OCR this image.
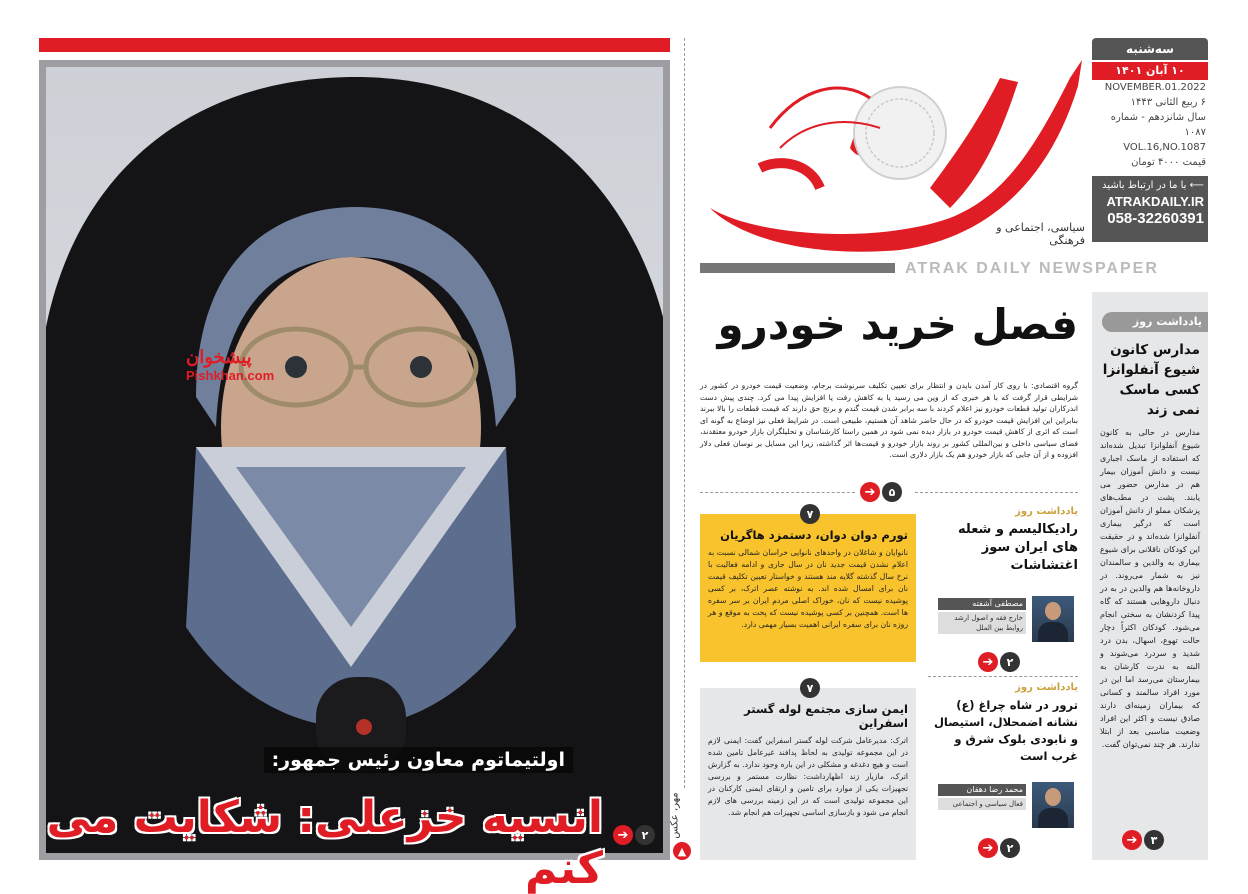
پیشخوان
Pishkhan.com
اولتیماتوم معاون رئیس جمهور:
انسیه خزعلی: شکایت می کنم
➔	۲	مهر، عکس
▲
سیاسی، اجتماعی و فرهنگی
سه‌شنبه
۱۰ آبان ۱۴۰۱
NOVEMBER.01.2022
۶ ربیع الثانی ۱۴۴۳
سال شانزدهم - شماره ۱۰۸۷
VOL.16,NO.1087
قیمت ۴۰۰۰ تومان
⟵ با ما در ارتباط باشید
ATRAKDAILY.IR
058-32260391
ATRAK DAILY NEWSPAPER
فصل خرید خودرو
گروه اقتصادی: با روی کار آمدن بایدن و انتظار برای تعیین تکلیف سرنوشت برجام، وضعیت قیمت خودرو در کشور در شرایطی قرار گرفت که با هر خبری که از وین می رسید یا به کاهش رفت یا افزایش پیدا می کرد. چندی پیش دست اندرکاران تولید قطعات خودرو نیز اعلام کردند با سه برابر شدن قیمت گندم و برنج حق دارند که قیمت قطعات را بالا ببرند بنابراین این افزایش قیمت خودرو که در حال حاضر شاهد آن هستیم، طبیعی است. در شرایط فعلی نیز اوضاع به گونه ای است که اثری از کاهش قیمت خودرو در بازار دیده نمی شود در همین راستا کارشناسان و تحلیلگران بازار خودرو معتقدند، فضای سیاسی داخلی و بین‌المللی کشور بر روند بازار خودرو و قیمت‌ها اثر گذاشته، زیرا این مسایل بر نوسان فعلی دلار افزوده و از آن جایی که بازار خودرو هم یک بازار دلاری است.
➔	۵
یادداشت روز
مدارس کانون شیوع آنفلوانزا کسی ماسک نمی زند
مدارس در حالی به کانون شیوع آنفلوانزا تبدیل شده‌اند که استفاده از ماسک اجباری نیست و دانش آموزان بیمار هم در مدارس حضور می یابند. پشت در مطب‌های پزشکان مملو از دانش آموزان است که درگیر بیماری آنفلوانزا شده‌اند و در حقیقت این کودکان ناقلانی برای شیوع بیماری به والدین و سالمندان نیز به شمار می‌روند. در داروخانه‌ها هم والدین در به در دنبال داروهایی هستند که گاه پیدا کردنشان به سختی انجام می‌شود. کودکان اکثراً دچار حالت تهوع، اسهال، بدن درد شدید و سردرد می‌شوند و البته به ندرت کارشان به بیمارستان می‌رسد اما این در مورد افراد سالمند و کسانی که بیماران زمینه‌ای دارند صادق نیست و اکثر این افراد وضعیت مناسبی بعد از ابتلا ندارند. هر چند نمی‌توان گفت.
➔	۳
۷
تورم دوان دوان، دستمزد هاگریان
نانوایان و شاغلان در واحدهای نانوایی خراسان شمالی نسبت به اعلام نشدن قیمت جدید نان در سال جاری و ادامه فعالیت با نرخ سال گذشته گلایه مند هستند و خواستار تعیین تکلیف قیمت نان برای امسال شده اند. به نوشته عصر اترک، بر کسی پوشیده نیست که نان، خوراک اصلی مردم ایران بر سر سفره ها است. همچنین بر کسی پوشیده نیست که پخت به موقع و هر روزه نان برای سفره ایرانی اهمیت بسیار مهمی دارد.
۷
ایمن سازی مجتمع لوله گستر اسفراین
اترک: مدیرعامل شرکت لوله گستر اسفراین گفت: ایمنی لازم در این مجموعه تولیدی به لحاظ پدافند غیرعامل تامین شده است و هیچ دغدغه و مشکلی در این باره وجود ندارد. به گزارش اترک، مازیار زند اظهارداشت: نظارت مستمر و بررسی تجهیزات یکی از موارد برای تامین و ارتقای ایمنی کارکنان در این مجموعه تولیدی است که در این زمینه بررسی های لازم انجام می شود و بازسازی اساسی تجهیزات هم انجام شد.
یادداشت روز
رادیکالیسم و شعله های ایران سوز اغتشاشات
مصطفی آشفته
خارج فقه و اصول ارشد روابط بین الملل
➔	۲
یادداشت روز
ترور در شاه چراغ (ع) نشانه اضمحلال، استیصال و نابودی بلوک شرق و غرب است
محمد رضا دهقان
فعال سیاسی و اجتماعی
➔	۲
